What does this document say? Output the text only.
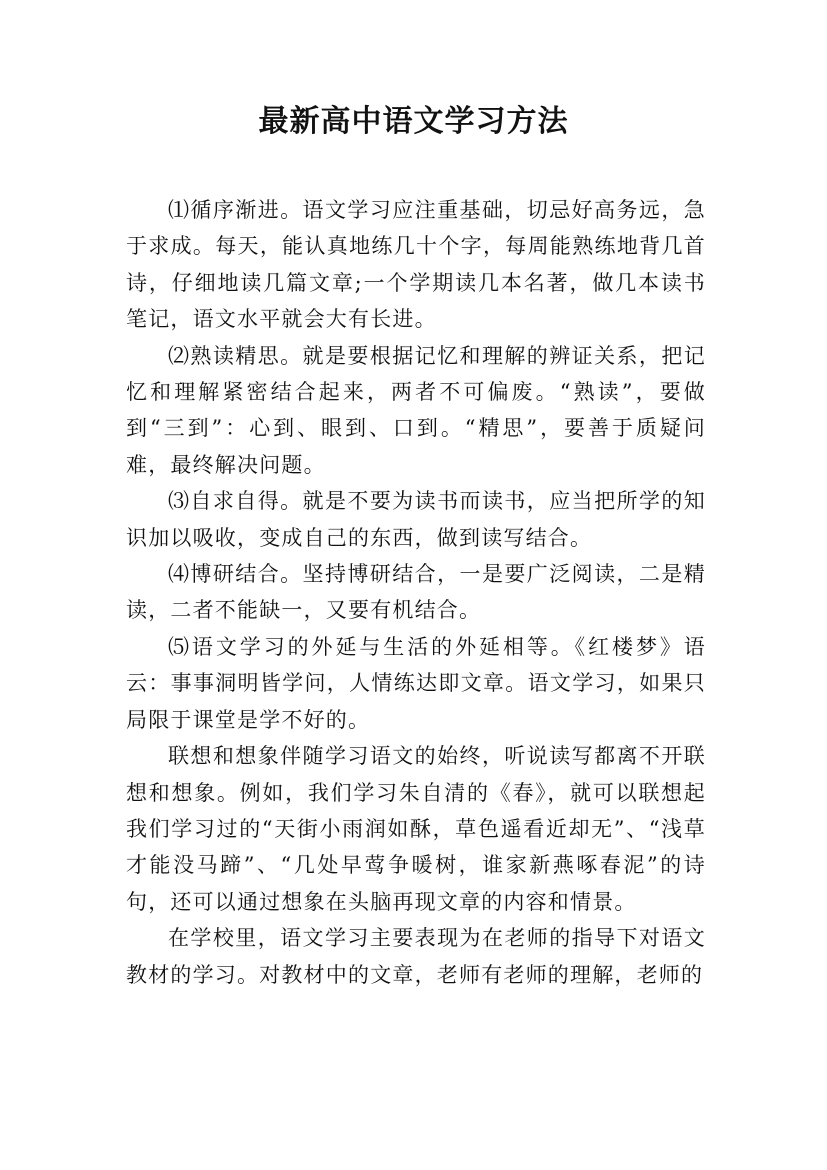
最新高中语文学习方法

⑴循序渐进。语文学习应注重基础，切忌好高务远，急于求成。每天，能认真地练几十个字，每周能熟练地背几首诗，仔细地读几篇文章;一个学期读几本名著，做几本读书笔记，语文水平就会大有长进。

⑵熟读精思。就是要根据记忆和理解的辨证关系，把记忆和理解紧密结合起来，两者不可偏废。“熟读”，要做到“三到”：心到、眼到、口到。“精思”，要善于质疑问难，最终解决问题。

⑶自求自得。就是不要为读书而读书，应当把所学的知识加以吸收，变成自己的东西，做到读写结合。

⑷博研结合。坚持博研结合，一是要广泛阅读，二是精读，二者不能缺一，又要有机结合。

⑸语文学习的外延与生活的外延相等。《红楼梦》语云：事事洞明皆学问，人情练达即文章。语文学习，如果只局限于课堂是学不好的。

联想和想象伴随学习语文的始终，听说读写都离不开联想和想象。例如，我们学习朱自清的《春》，就可以联想起我们学习过的“天街小雨润如酥，草色遥看近却无”、“浅草才能没马蹄”、“几处早莺争暖树，谁家新燕啄春泥”的诗句，还可以通过想象在头脑再现文章的内容和情景。

在学校里，语文学习主要表现为在老师的指导下对语文教材的学习。对教材中的文章，老师有老师的理解，老师的
